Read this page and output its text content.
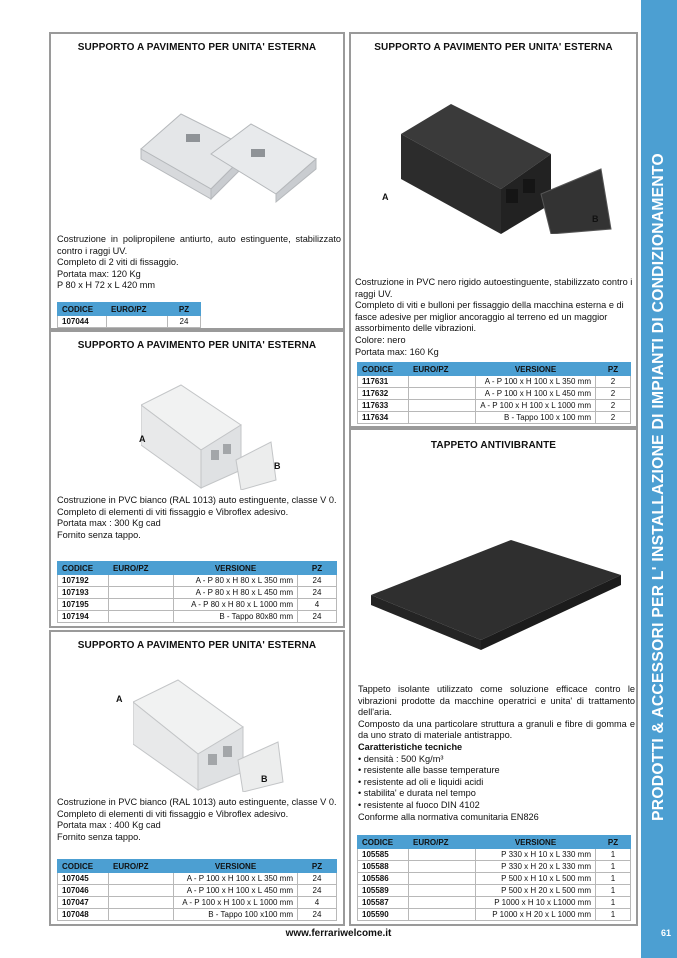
PRODOTTI & ACCESSORI PER L' INSTALLAZIONE DI IMPIANTI DI CONDIZIONAMENTO
61
SUPPORTO A PAVIMENTO PER UNITA' ESTERNA
Costruzione in polipropilene antiurto, auto estinguente, stabilizzato contro i raggi UV.
Completo di 2 viti di fissaggio.
Portata max: 120 Kg
P 80 x H 72 x L 420 mm
CODICE	EURO/PZ	PZ
107044		24
SUPPORTO A PAVIMENTO PER UNITA' ESTERNA
A
B
Costruzione in PVC nero rigido autoestinguente, stabilizzato contro i raggi UV.
Completo di viti e bulloni per fissaggio della macchina esterna e di fasce adesive per miglior ancoraggio al terreno ed un maggior assorbimento delle vibrazioni.
Colore: nero
Portata max: 160 Kg
CODICE	EURO/PZ	VERSIONE	PZ
117631		A - P 100 x H 100 x L 350 mm	2
117632		A - P 100 x H 100 x L 450 mm	2
117633		A - P 100 x H 100 x L 1000 mm	2
117634		B - Tappo 100 x 100 mm	2
SUPPORTO A PAVIMENTO PER UNITA' ESTERNA
A
B
Costruzione in PVC bianco (RAL 1013) auto estinguente, classe V 0.
Completo di elementi di viti fissaggio e Vibroflex adesivo.
Portata max : 300 Kg cad
Fornito senza tappo.
CODICE	EURO/PZ	VERSIONE	PZ
107192		A - P 80 x H 80 x L 350 mm	24
107193		A - P 80 x H 80 x L 450 mm	24
107195		A - P 80 x H 80 x L 1000 mm	4
107194		B - Tappo 80x80 mm	24
TAPPETO ANTIVIBRANTE
Tappeto isolante utilizzato come soluzione efficace contro le vibrazioni prodotte da macchine operatrici e unita' di trattamento dell'aria.
Composto da una particolare struttura a granuli e fibre di gomma e da uno strato di materiale antistrappo.
Caratteristiche tecniche
• densità : 500 Kg/m³
• resistente alle basse temperature
• resistente ad oli e liquidi acidi
• stabilita' e durata nel tempo
• resistente al fuoco DIN 4102
Conforme alla normativa comunitaria EN826
CODICE	EURO/PZ	VERSIONE	PZ
105585		P 330 x H 10 x L 330 mm	1
105588		P 330 x H 20 x L 330 mm	1
105586		P 500 x H 10 x L 500 mm	1
105589		P 500 x H 20 x L 500 mm	1
105587		P 1000 x H 10 x L1000 mm	1
105590		P 1000 x H 20 x L 1000 mm	1
SUPPORTO A PAVIMENTO PER UNITA' ESTERNA
A
B
Costruzione in PVC bianco (RAL 1013) auto estinguente, classe V 0.
Completo di elementi di viti fissaggio e Vibroflex adesivo.
Portata max : 400 Kg cad
Fornito senza tappo.
CODICE	EURO/PZ	VERSIONE	PZ
107045		A - P 100 x H 100 x L 350 mm	24
107046		A - P 100 x H 100 x L 450 mm	24
107047		A - P 100 x H 100 x L 1000 mm	4
107048		B - Tappo 100 x100 mm	24
www.ferrariwelcome.it
